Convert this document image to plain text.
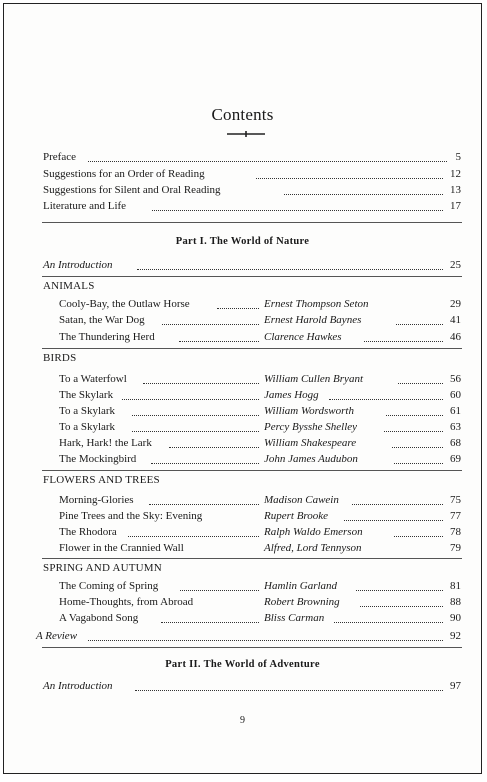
Contents
Preface	5
Suggestions for an Order of Reading	12
Suggestions for Silent and Oral Reading	13
Literature and Life	17
Part I. The World of Nature
An Introduction	25
ANIMALS
Cooly-Bay, the Outlaw Horse	Ernest Thompson Seton	29
Satan, the War Dog	Ernest Harold Baynes	41
The Thundering Herd	Clarence Hawkes	46
BIRDS
To a Waterfowl	William Cullen Bryant	56
The Skylark	James Hogg	60
To a Skylark	William Wordsworth	61
To a Skylark	Percy Bysshe Shelley	63
Hark, Hark! the Lark	William Shakespeare	68
The Mockingbird	John James Audubon	69
FLOWERS AND TREES
Morning-Glories	Madison Cawein	75
Pine Trees and the Sky: Evening	Rupert Brooke	77
The Rhodora	Ralph Waldo Emerson	78
Flower in the Crannied Wall	Alfred, Lord Tennyson	79
SPRING AND AUTUMN
The Coming of Spring	Hamlin Garland	81
Home-Thoughts, from Abroad	Robert Browning	88
A Vagabond Song	Bliss Carman	90
A Review	92
Part II. The World of Adventure
An Introduction	97
9
